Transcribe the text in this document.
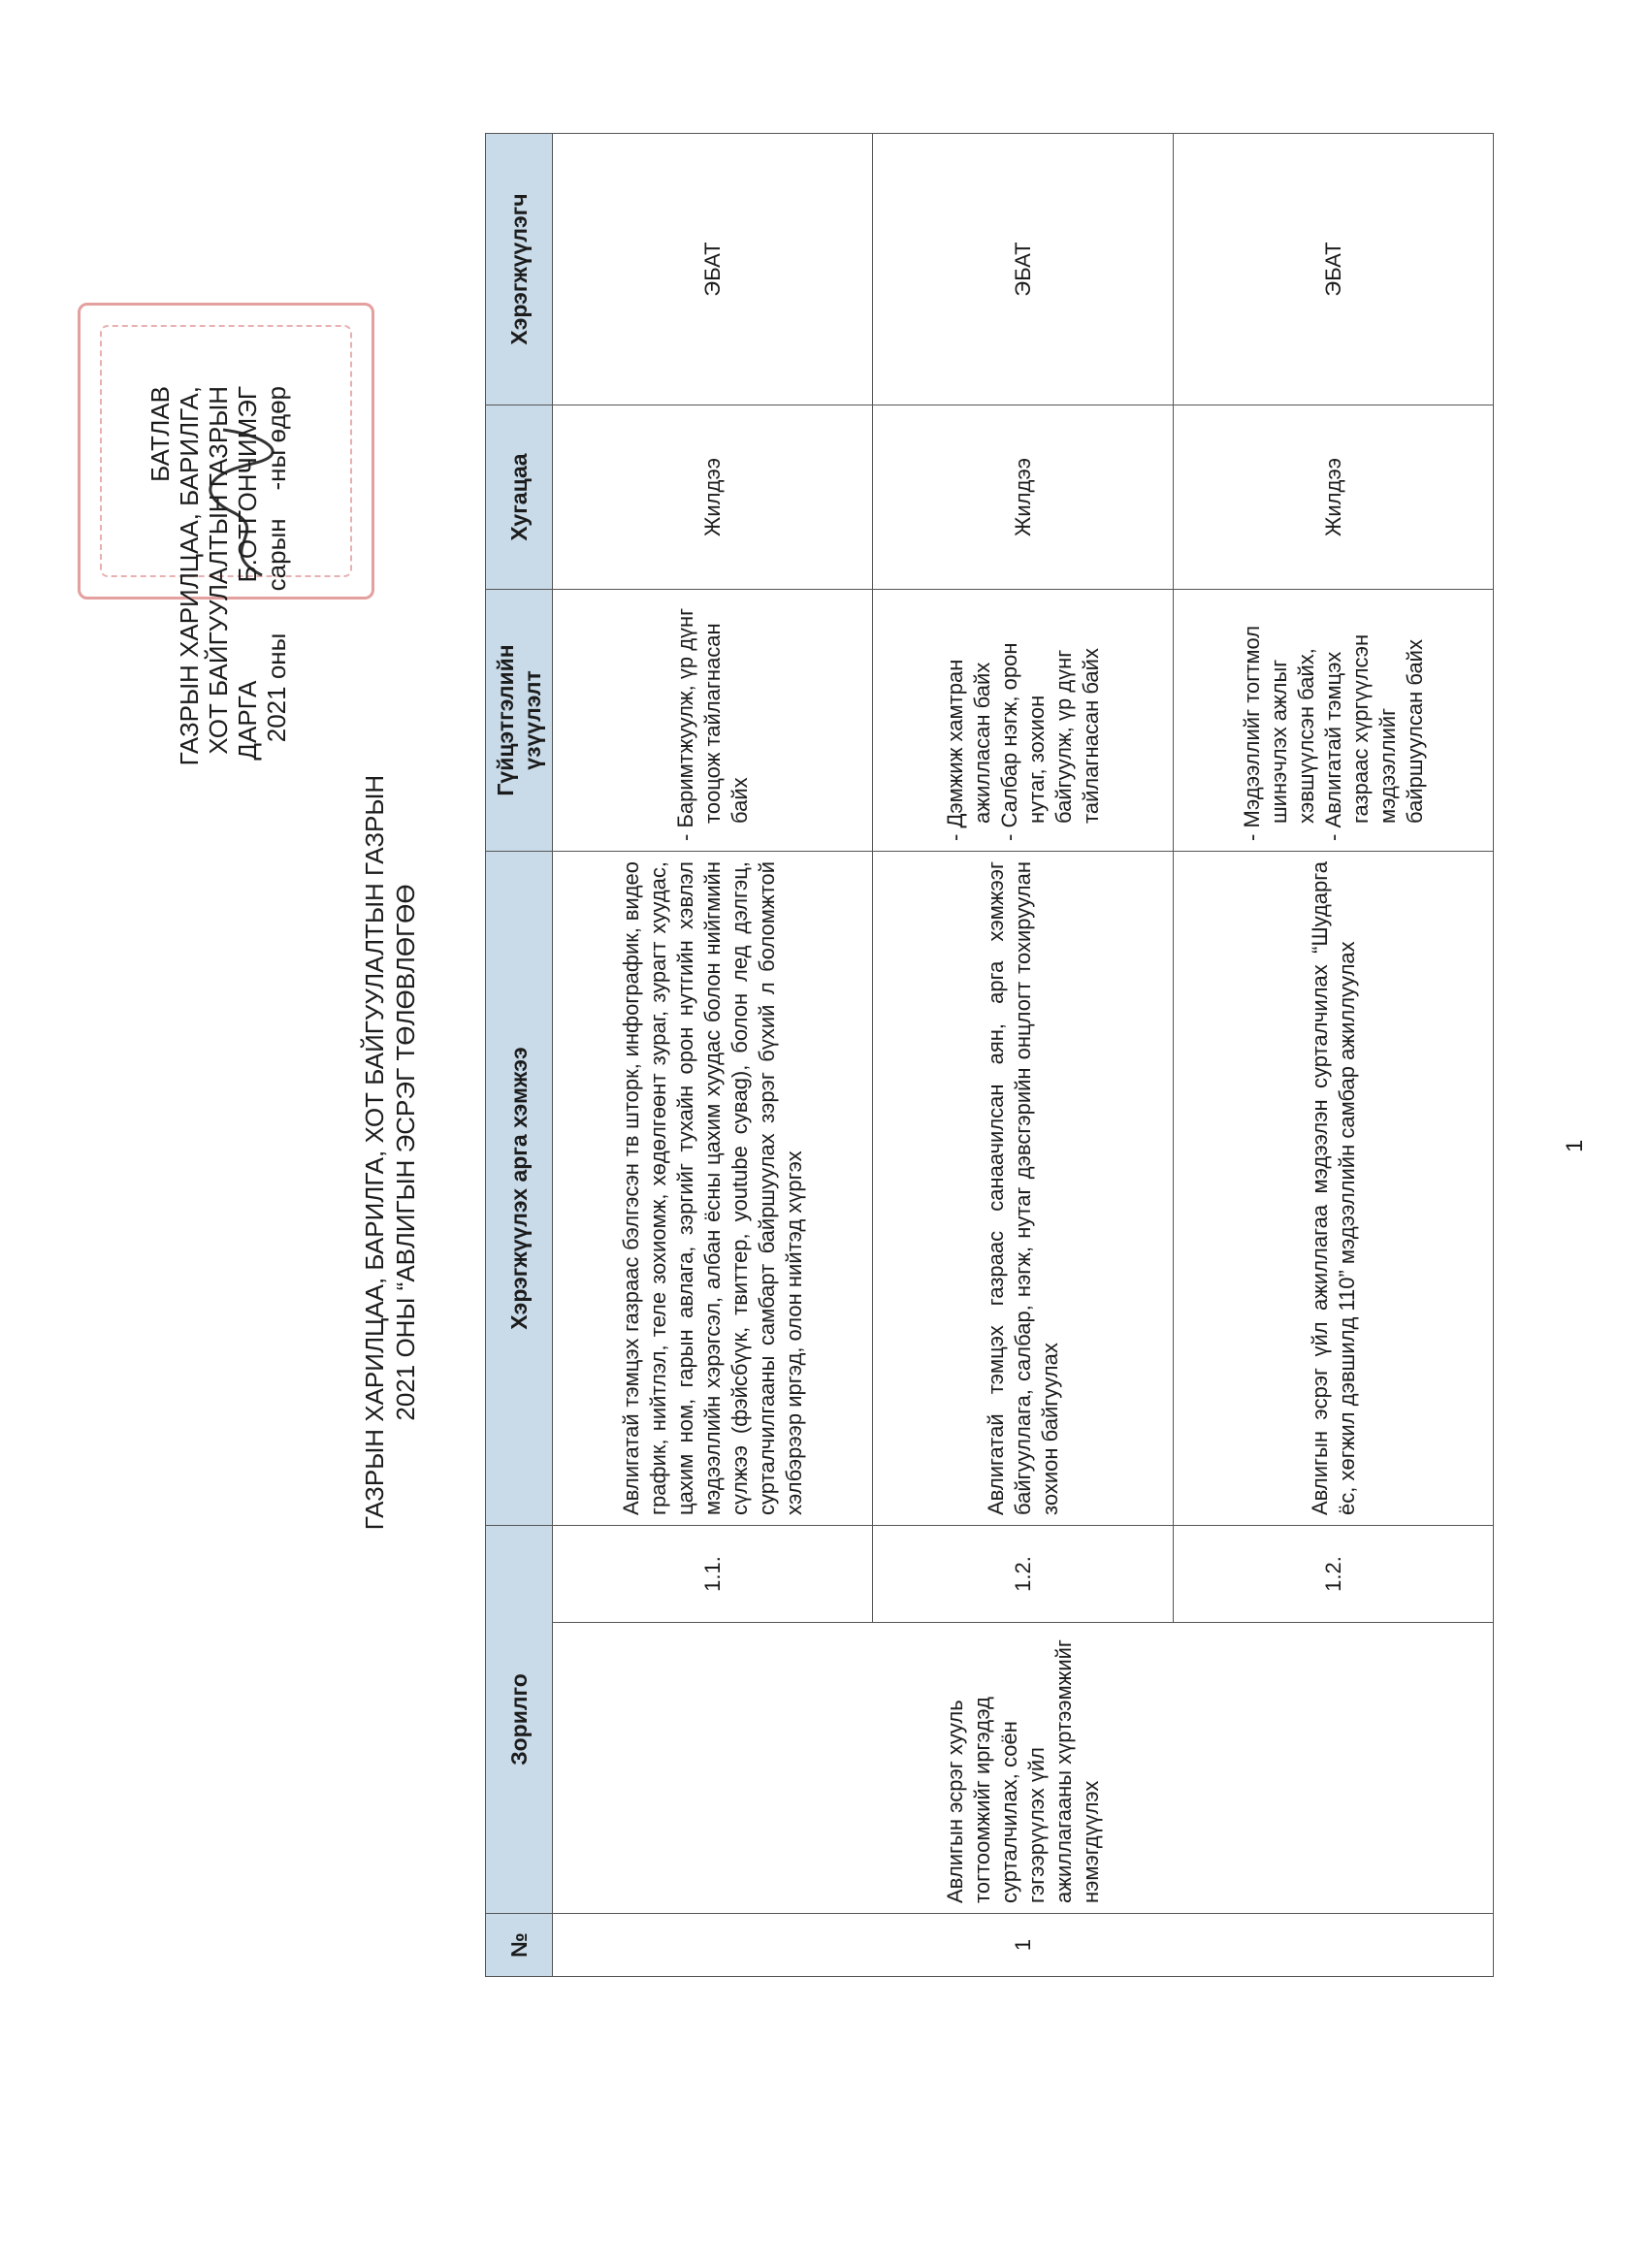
БАТЛАВ ГАЗРЫН ХАРИЛЦАА, БАРИЛГА, ХОТ БАЙГУУЛАЛТЫН ГАЗРЫН ДАРГА              Б.ОТГОНЧИМЭГ 2021 оны      сарын    -ны өдөр
ГАЗРЫН ХАРИЛЦАА, БАРИЛГА, ХОТ БАЙГУУЛАЛТЫН ГАЗРЫН 2021 ОНЫ “АВЛИГЫН ЭСРЭГ ТӨЛӨВЛӨГӨӨ
№	Зорилго		Хэрэгжүүлэх арга хэмжээ	Гүйцэтгэлийн үзүүлэлт	Хугацаа	Хэрэгжүүлэгч
1	Авлигын эсрэг хууль тогтоомжийг иргэдэд сурталчилах, соён гэгээрүүлэх үйл ажиллагааны хүртээмжийг нэмэгдүүлэх	1.1.	Авлигатай тэмцэх газраас бэлгэсэн тв шторк, инфографик, видео график, нийтлэл, теле зохиомж, хөдөлгөөнт зураг, зурагт хуудас, цахим ном, гарын авлага, зэргийг тухайн орон нутгийн хэвлэл мэдээллийн хэрэгсэл, албан ёсны цахим хуудас болон нийгмийн сүлжээ (фэйсбүүк, твиттер, youtube сувag), болон лед дэлгэц, сурталчилгааны самбарт байршуулах зэрэг бүхий л боломжтой хэлбэрээр иргэд, олон нийтэд хүргэх	- Баримтжуулж, үр дүнг тооцож тайлагнасан байх	Жилдээ	ЭБАТ
		1.2.	Авлигатай тэмцэх газраас санаачилсан аян, арга хэмжээг байгууллага, салбар, нэгж, нутаг дэвсгэрийн онцлогт тохируулан зохион байгуулах	- Дэмжиж хамтран ажилласан байх
- Салбар нэгж, орон нутаг, зохион байгуулж, үр дүнг тайлагнасан байх	Жилдээ	ЭБАТ
		1.2.	Авлигын эсрэг үйл ажиллагаа мэдээлэн сурталчилах “Шударга ёс, хөгжил дэвшилд 110” мэдээллийн самбар ажиллуулах	- Мэдээллийг тогтмол шинэчлэх ажлыг хэвшүүлсэн байх,
- Авлигатай тэмцэх газраас хүргүүлсэн мэдээллийг байршуулсан байх	Жилдээ	ЭБАТ
1
